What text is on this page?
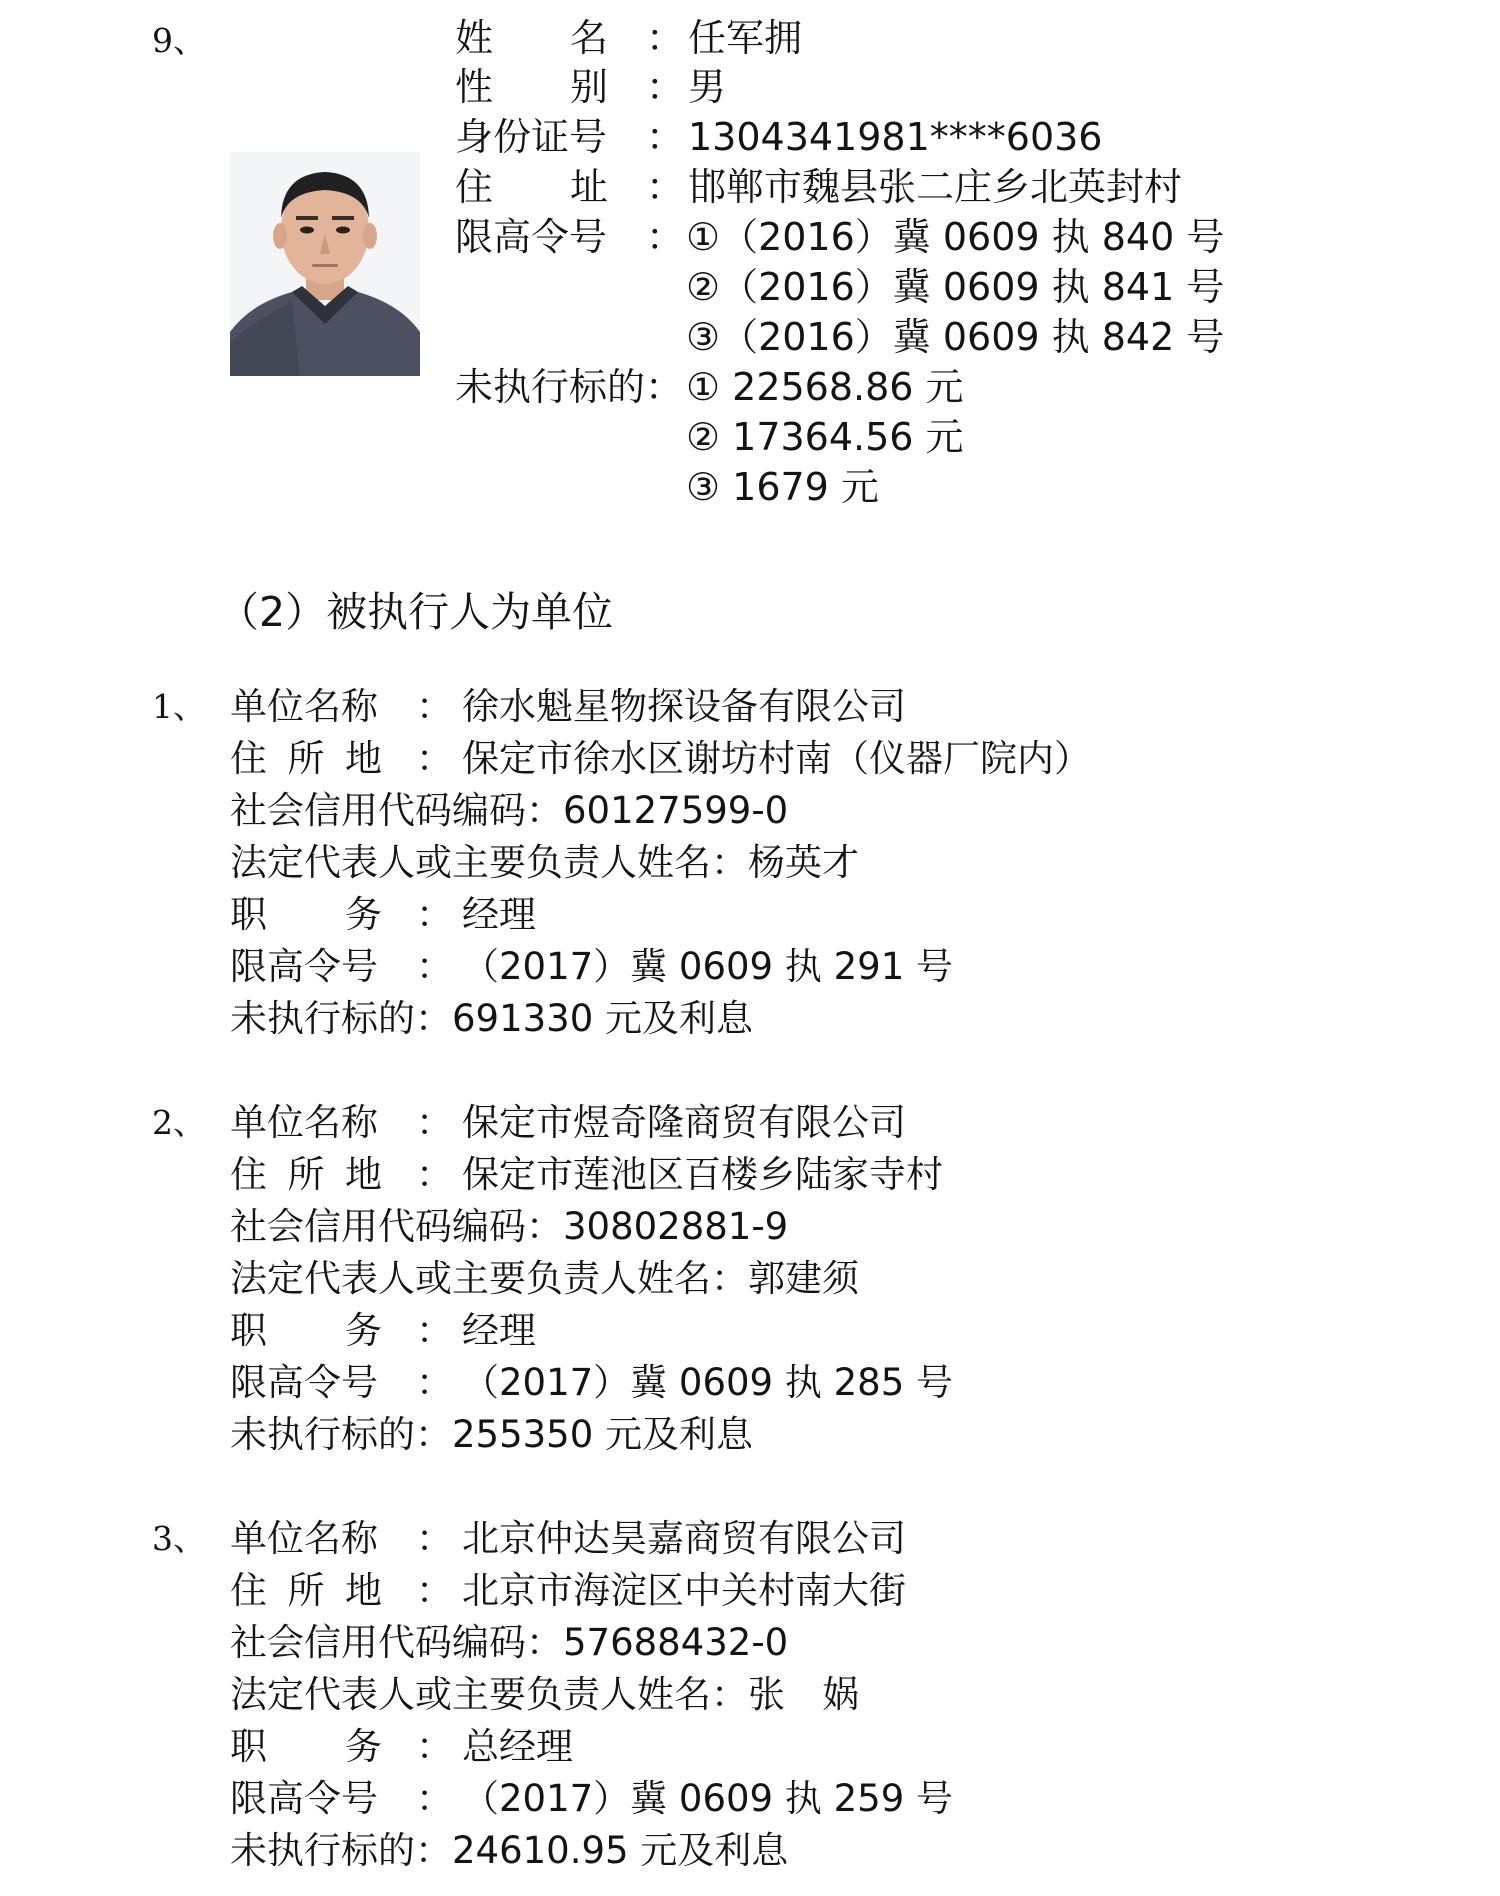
9、	姓 名 ： 任军拥
性 别 ： 男
身份证号 ： 1304341981****6036
住 址 ： 邯郸市魏县张二庄乡北英封村
限高令号 ： ①（2016）冀 0609 执 840 号
②（2016）冀 0609 执 841 号
③（2016）冀 0609 执 842 号
未执行标的： ① 22568.86 元
② 17364.56 元
③ 1679 元
（2）被执行人为单位
1、 单位名称 ： 徐水魁星物探设备有限公司
住 所 地 ： 保定市徐水区谢坊村南（仪器厂院内）
社会信用代码编码：60127599-0
法定代表人或主要负责人姓名：杨英才
职 务 ： 经理
限高令号 ： （2017）冀 0609 执 291 号
未执行标的：691330 元及利息
2、 单位名称 ： 保定市煜奇隆商贸有限公司
住 所 地 ： 保定市莲池区百楼乡陆家寺村
社会信用代码编码：30802881-9
法定代表人或主要负责人姓名：郭建须
职 务 ： 经理
限高令号 ： （2017）冀 0609 执 285 号
未执行标的：255350 元及利息
3、 单位名称 ： 北京仲达昊嘉商贸有限公司
住 所 地 ： 北京市海淀区中关村南大街
社会信用代码编码：57688432-0
法定代表人或主要负责人姓名：张　娲
职 务 ： 总经理
限高令号 ： （2017）冀 0609 执 259 号
未执行标的：24610.95 元及利息
